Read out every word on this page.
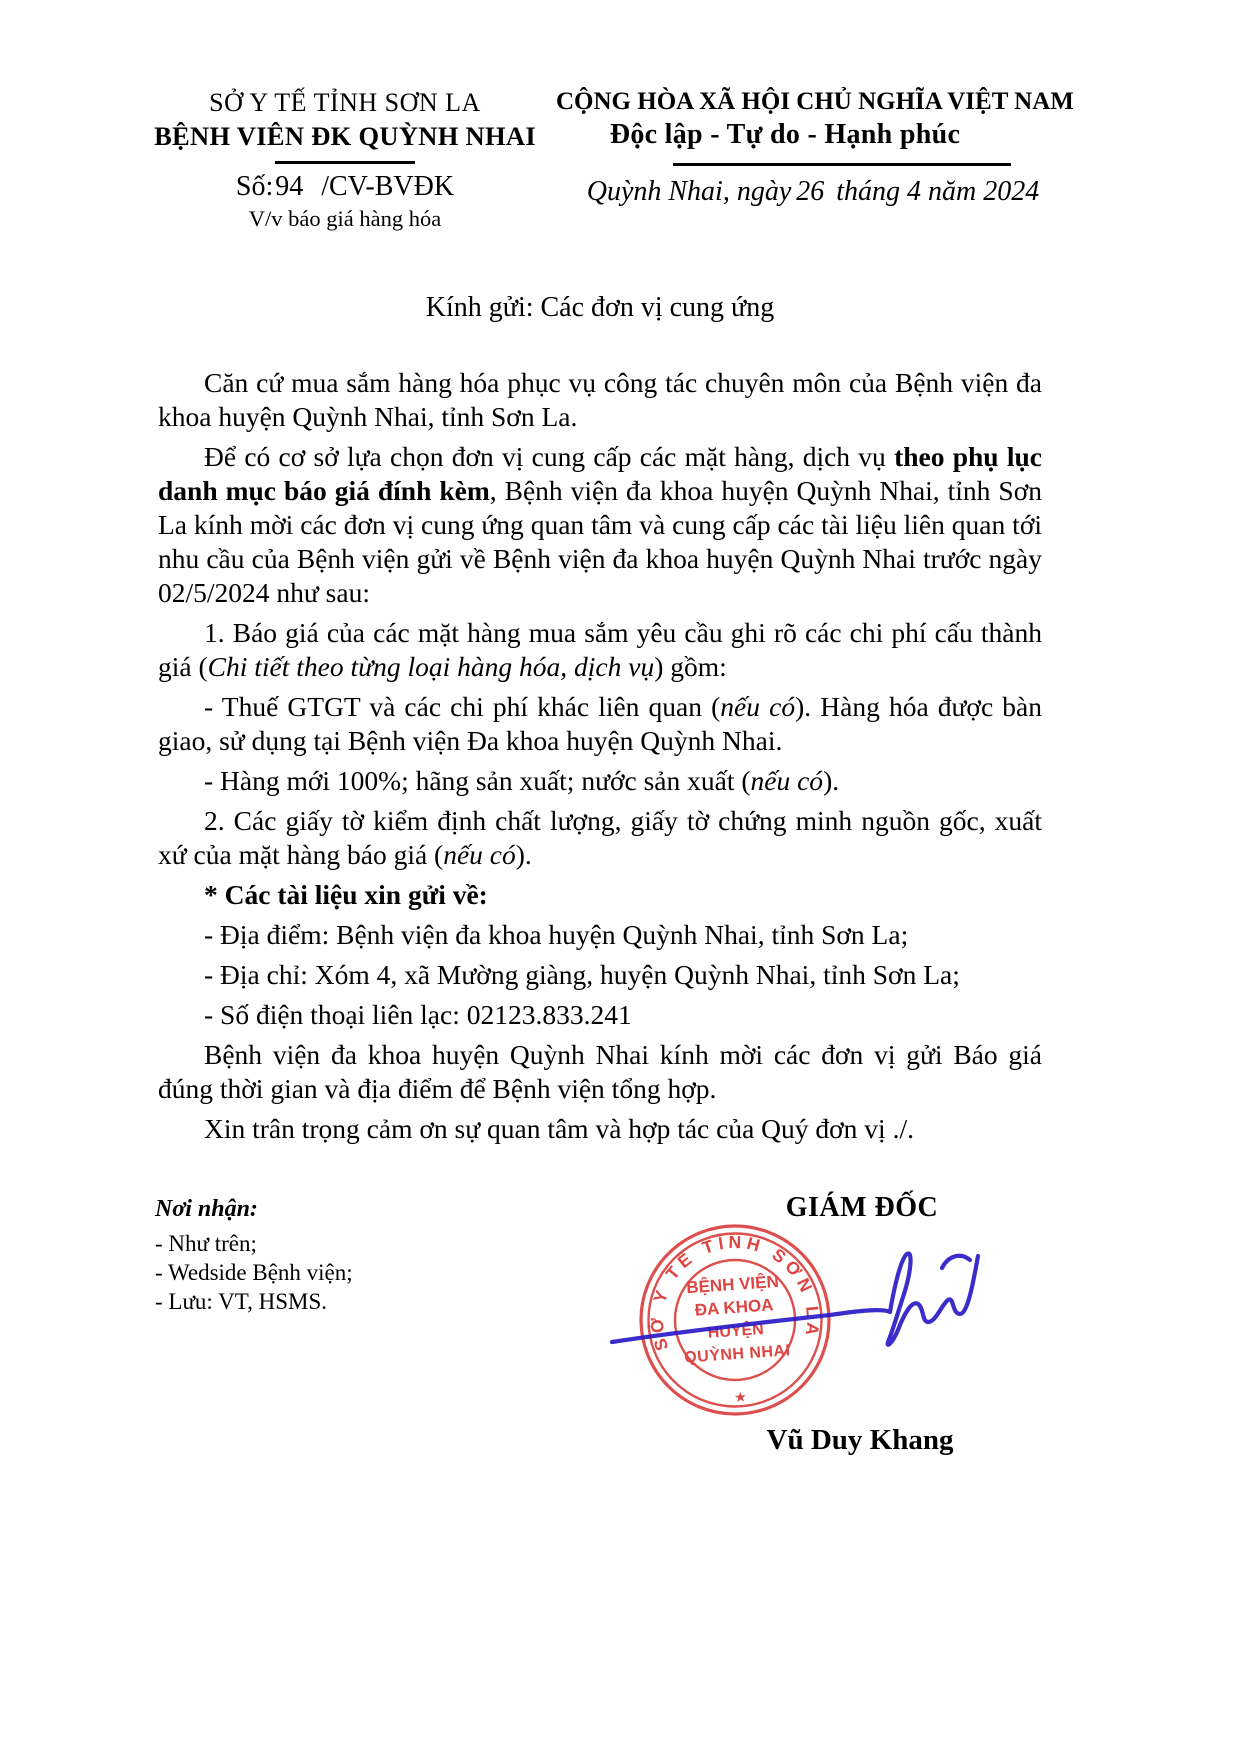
SỞ Y TẾ TỈNH SƠN LA
BỆNH VIÊN ĐK QUỲNH NHAI
Số:94 /CV-BVĐK
V/v báo giá hàng hóa
CỘNG HÒA XÃ HỘI CHỦ NGHĨA VIỆT NAM
Độc lập - Tự do - Hạnh phúc
Quỳnh Nhai, ngày 26 tháng 4 năm 2024
Kính gửi: Các đơn vị cung ứng

Căn cứ mua sắm hàng hóa phục vụ công tác chuyên môn của Bệnh viện đa khoa huyện Quỳnh Nhai, tỉnh Sơn La.

Để có cơ sở lựa chọn đơn vị cung cấp các mặt hàng, dịch vụ theo phụ lục danh mục báo giá đính kèm, Bệnh viện đa khoa huyện Quỳnh Nhai, tỉnh Sơn La kính mời các đơn vị cung ứng quan tâm và cung cấp các tài liệu liên quan tới nhu cầu của Bệnh viện gửi về Bệnh viện đa khoa huyện Quỳnh Nhai trước ngày 02/5/2024 như sau:

1. Báo giá của các mặt hàng mua sắm yêu cầu ghi rõ các chi phí cấu thành giá (Chi tiết theo từng loại hàng hóa, dịch vụ) gồm:

- Thuế GTGT và các chi phí khác liên quan (nếu có). Hàng hóa được bàn giao, sử dụng tại Bệnh viện Đa khoa huyện Quỳnh Nhai.

- Hàng mới 100%; hãng sản xuất; nước sản xuất (nếu có).

2. Các giấy tờ kiểm định chất lượng, giấy tờ chứng minh nguồn gốc, xuất xứ của mặt hàng báo giá (nếu có).

* Các tài liệu xin gửi về:

- Địa điểm: Bệnh viện đa khoa huyện Quỳnh Nhai, tỉnh Sơn La;

- Địa chỉ: Xóm 4, xã Mường giàng, huyện Quỳnh Nhai, tỉnh Sơn La;

- Số điện thoại liên lạc: 02123.833.241

Bệnh viện đa khoa huyện Quỳnh Nhai kính mời các đơn vị gửi Báo giá đúng thời gian và địa điểm để Bệnh viện tổng hợp.

Xin trân trọng cảm ơn sự quan tâm và hợp tác của Quý đơn vị ./.

Nơi nhận:
- Như trên;
- Wedside Bệnh viện;
- Lưu: VT, HSMS.
GIÁM ĐỐC
Vũ Duy Khang
SỞ Y TẾ TỈNH SƠN LA
BỆNH VIỆN
ĐA KHOA
HUYỆN
QUỲNH NHAI
★
